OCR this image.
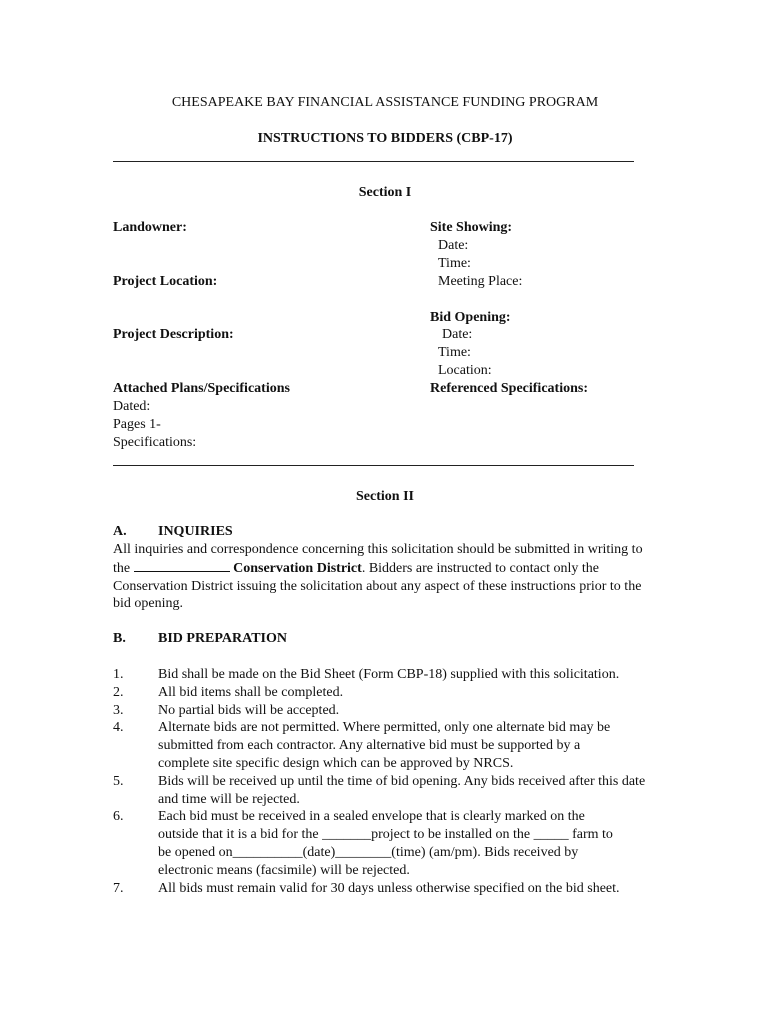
CHESAPEAKE BAY FINANCIAL ASSISTANCE FUNDING PROGRAM
INSTRUCTIONS TO BIDDERS (CBP-17)
Section I
Landowner:
Project Location:
Project Description:
Attached Plans/Specifications
Dated:
Pages 1-
Specifications:
Site Showing:
Date:
Time:
Meeting Place:
Bid Opening:
Date:
Time:
Location:
Referenced Specifications:
Section II
A. INQUIRIES
All inquiries and correspondence concerning this solicitation should be submitted in writing to the	Conservation District. Bidders are instructed to contact only the Conservation District issuing the solicitation about any aspect of these instructions prior to the bid opening.
B. BID PREPARATION
1. Bid shall be made on the Bid Sheet (Form CBP-18) supplied with this solicitation.
2. All bid items shall be completed.
3. No partial bids will be accepted.
4. Alternate bids are not permitted. Where permitted, only one alternate bid may be submitted from each contractor. Any alternative bid must be supported by a complete site specific design which can be approved by NRCS.
5. Bids will be received up until the time of bid opening. Any bids received after this date and time will be rejected.
6. Each bid must be received in a sealed envelope that is clearly marked on the outside that it is a bid for the _______project to be installed on the _____ farm to be opened on__________(date)________(time) (am/pm). Bids received by electronic means (facsimile) will be rejected.
7. All bids must remain valid for 30 days unless otherwise specified on the bid sheet.
